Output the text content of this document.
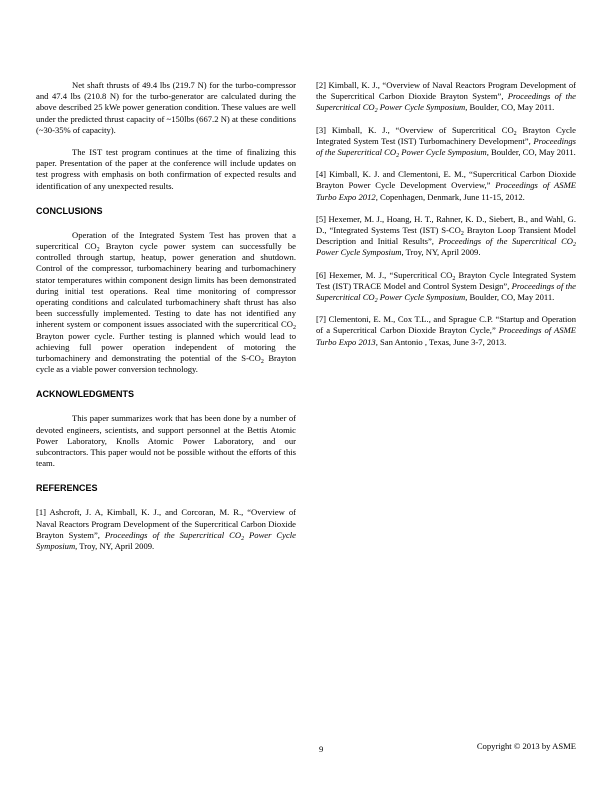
Net shaft thrusts of 49.4 lbs (219.7 N) for the turbo-compressor and 47.4 lbs (210.8 N) for the turbo-generator are calculated during the above described 25 kWe power generation condition. These values are well under the predicted thrust capacity of ~150lbs (667.2 N) at these conditions (~30-35% of capacity).

The IST test program continues at the time of finalizing this paper. Presentation of the paper at the conference will include updates on test progress with emphasis on both confirmation of expected results and identification of any unexpected results.

CONCLUSIONS

Operation of the Integrated System Test has proven that a supercritical $CO_2$ Brayton cycle power system can successfully be controlled through startup, heatup, power generation and shutdown. Control of the compressor, turbomachinery bearing and turbomachinery stator temperatures within component design limits has been demonstrated during initial test operations. Real time monitoring of compressor operating conditions and calculated turbomachinery shaft thrust has also been successfully implemented. Testing to date has not identified any inherent system or component issues associated with the supercritical $CO_2$ Brayton power cycle. Further testing is planned which would lead to achieving full power operation independent of motoring the turbomachinery and demonstrating the potential of the $S-CO_2$ Brayton cycle as a viable power conversion technology.

ACKNOWLEDGMENTS

This paper summarizes work that has been done by a number of devoted engineers, scientists, and support personnel at the Bettis Atomic Power Laboratory, Knolls Atomic Power Laboratory, and our subcontractors. This paper would not be possible without the efforts of this team.

REFERENCES

[1] Ashcroft, J. A, Kimball, K. J., and Corcoran, M. R., “Overview of Naval Reactors Program Development of the Supercritical Carbon Dioxide Brayton System”, Proceedings of the Supercritical $CO_2$ Power Cycle Symposium, Troy, NY, April 2009.

[2] Kimball, K. J., “Overview of Naval Reactors Program Development of the Supercritical Carbon Dioxide Brayton System”, Proceedings of the Supercritical $CO_2$ Power Cycle Symposium, Boulder, CO, May 2011.

[3] Kimball, K. J., “Overview of Supercritical $CO_2$ Brayton Cycle Integrated System Test (IST) Turbomachinery Development”, Proceedings of the Supercritical $CO_2$ Power Cycle Symposium, Boulder, CO, May 2011.

[4] Kimball, K. J. and Clementoni, E. M., “Supercritical Carbon Dioxide Brayton Power Cycle Development Overview,” Proceedings of ASME Turbo Expo 2012, Copenhagen, Denmark, June 11-15, 2012.

[5] Hexemer, M. J., Hoang, H. T., Rahner, K. D., Siebert, B., and Wahl, G. D., “Integrated Systems Test (IST) $S-CO_2$ Brayton Loop Transient Model Description and Initial Results”, Proceedings of the Supercritical $CO_2$ Power Cycle Symposium, Troy, NY, April 2009.

[6] Hexemer, M. J., “Supercritical $CO_2$ Brayton Cycle Integrated System Test (IST) TRACE Model and Control System Design”, Proceedings of the Supercritical $CO_2$ Power Cycle Symposium, Boulder, CO, May 2011.

[7] Clementoni, E. M., Cox T.L., and Sprague C.P. “Startup and Operation of a Supercritical Carbon Dioxide Brayton Cycle,” Proceedings of ASME Turbo Expo 2013, San Antonio , Texas, June 3-7, 2013.

9	Copyright © 2013 by ASME
